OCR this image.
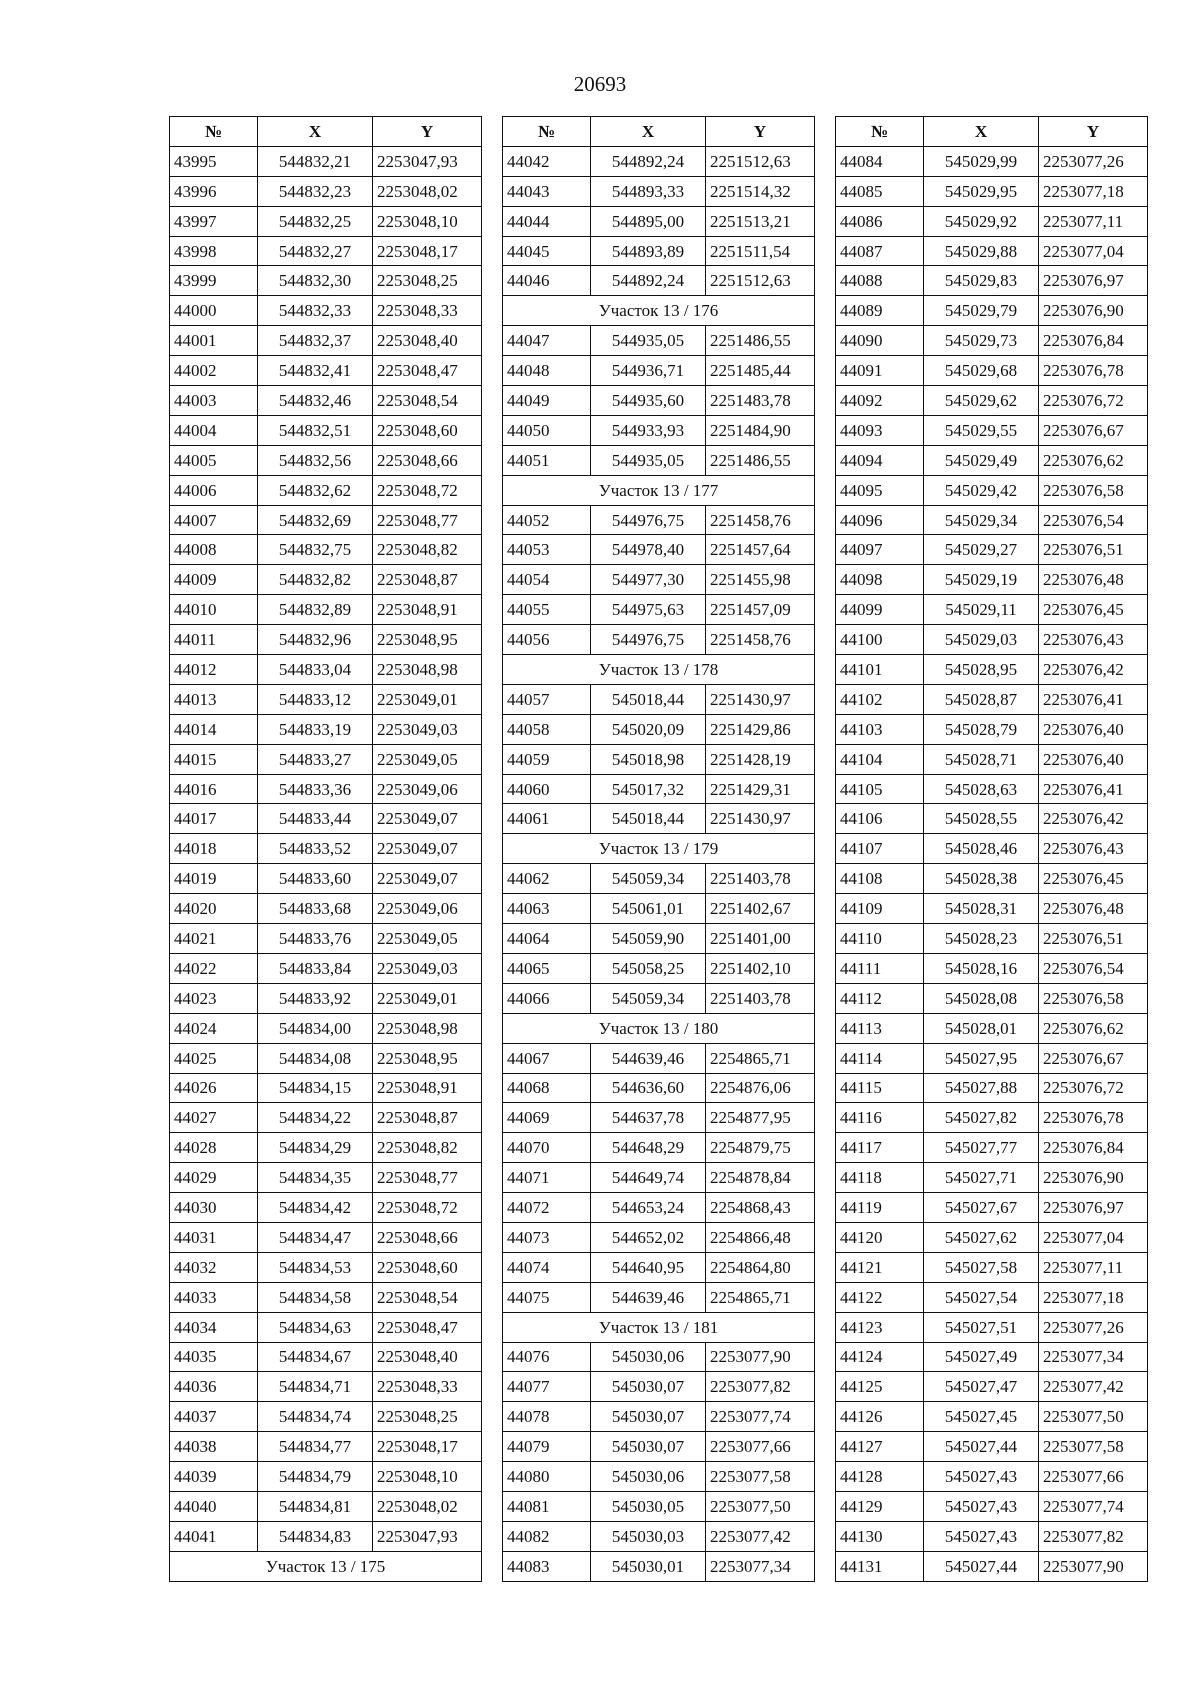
20693
№	X	Y
43995	544832,21	2253047,93
43996	544832,23	2253048,02
43997	544832,25	2253048,10
43998	544832,27	2253048,17
43999	544832,30	2253048,25
44000	544832,33	2253048,33
44001	544832,37	2253048,40
44002	544832,41	2253048,47
44003	544832,46	2253048,54
44004	544832,51	2253048,60
44005	544832,56	2253048,66
44006	544832,62	2253048,72
44007	544832,69	2253048,77
44008	544832,75	2253048,82
44009	544832,82	2253048,87
44010	544832,89	2253048,91
44011	544832,96	2253048,95
44012	544833,04	2253048,98
44013	544833,12	2253049,01
44014	544833,19	2253049,03
44015	544833,27	2253049,05
44016	544833,36	2253049,06
44017	544833,44	2253049,07
44018	544833,52	2253049,07
44019	544833,60	2253049,07
44020	544833,68	2253049,06
44021	544833,76	2253049,05
44022	544833,84	2253049,03
44023	544833,92	2253049,01
44024	544834,00	2253048,98
44025	544834,08	2253048,95
44026	544834,15	2253048,91
44027	544834,22	2253048,87
44028	544834,29	2253048,82
44029	544834,35	2253048,77
44030	544834,42	2253048,72
44031	544834,47	2253048,66
44032	544834,53	2253048,60
44033	544834,58	2253048,54
44034	544834,63	2253048,47
44035	544834,67	2253048,40
44036	544834,71	2253048,33
44037	544834,74	2253048,25
44038	544834,77	2253048,17
44039	544834,79	2253048,10
44040	544834,81	2253048,02
44041	544834,83	2253047,93
Участок 13 / 175		
№	X	Y
44042	544892,24	2251512,63
44043	544893,33	2251514,32
44044	544895,00	2251513,21
44045	544893,89	2251511,54
44046	544892,24	2251512,63
Участок 13 / 176		
44047	544935,05	2251486,55
44048	544936,71	2251485,44
44049	544935,60	2251483,78
44050	544933,93	2251484,90
44051	544935,05	2251486,55
Участок 13 / 177		
44052	544976,75	2251458,76
44053	544978,40	2251457,64
44054	544977,30	2251455,98
44055	544975,63	2251457,09
44056	544976,75	2251458,76
Участок 13 / 178		
44057	545018,44	2251430,97
44058	545020,09	2251429,86
44059	545018,98	2251428,19
44060	545017,32	2251429,31
44061	545018,44	2251430,97
Участок 13 / 179		
44062	545059,34	2251403,78
44063	545061,01	2251402,67
44064	545059,90	2251401,00
44065	545058,25	2251402,10
44066	545059,34	2251403,78
Участок 13 / 180		
44067	544639,46	2254865,71
44068	544636,60	2254876,06
44069	544637,78	2254877,95
44070	544648,29	2254879,75
44071	544649,74	2254878,84
44072	544653,24	2254868,43
44073	544652,02	2254866,48
44074	544640,95	2254864,80
44075	544639,46	2254865,71
Участок 13 / 181		
44076	545030,06	2253077,90
44077	545030,07	2253077,82
44078	545030,07	2253077,74
44079	545030,07	2253077,66
44080	545030,06	2253077,58
44081	545030,05	2253077,50
44082	545030,03	2253077,42
44083	545030,01	2253077,34
№	X	Y
44084	545029,99	2253077,26
44085	545029,95	2253077,18
44086	545029,92	2253077,11
44087	545029,88	2253077,04
44088	545029,83	2253076,97
44089	545029,79	2253076,90
44090	545029,73	2253076,84
44091	545029,68	2253076,78
44092	545029,62	2253076,72
44093	545029,55	2253076,67
44094	545029,49	2253076,62
44095	545029,42	2253076,58
44096	545029,34	2253076,54
44097	545029,27	2253076,51
44098	545029,19	2253076,48
44099	545029,11	2253076,45
44100	545029,03	2253076,43
44101	545028,95	2253076,42
44102	545028,87	2253076,41
44103	545028,79	2253076,40
44104	545028,71	2253076,40
44105	545028,63	2253076,41
44106	545028,55	2253076,42
44107	545028,46	2253076,43
44108	545028,38	2253076,45
44109	545028,31	2253076,48
44110	545028,23	2253076,51
44111	545028,16	2253076,54
44112	545028,08	2253076,58
44113	545028,01	2253076,62
44114	545027,95	2253076,67
44115	545027,88	2253076,72
44116	545027,82	2253076,78
44117	545027,77	2253076,84
44118	545027,71	2253076,90
44119	545027,67	2253076,97
44120	545027,62	2253077,04
44121	545027,58	2253077,11
44122	545027,54	2253077,18
44123	545027,51	2253077,26
44124	545027,49	2253077,34
44125	545027,47	2253077,42
44126	545027,45	2253077,50
44127	545027,44	2253077,58
44128	545027,43	2253077,66
44129	545027,43	2253077,74
44130	545027,43	2253077,82
44131	545027,44	2253077,90
